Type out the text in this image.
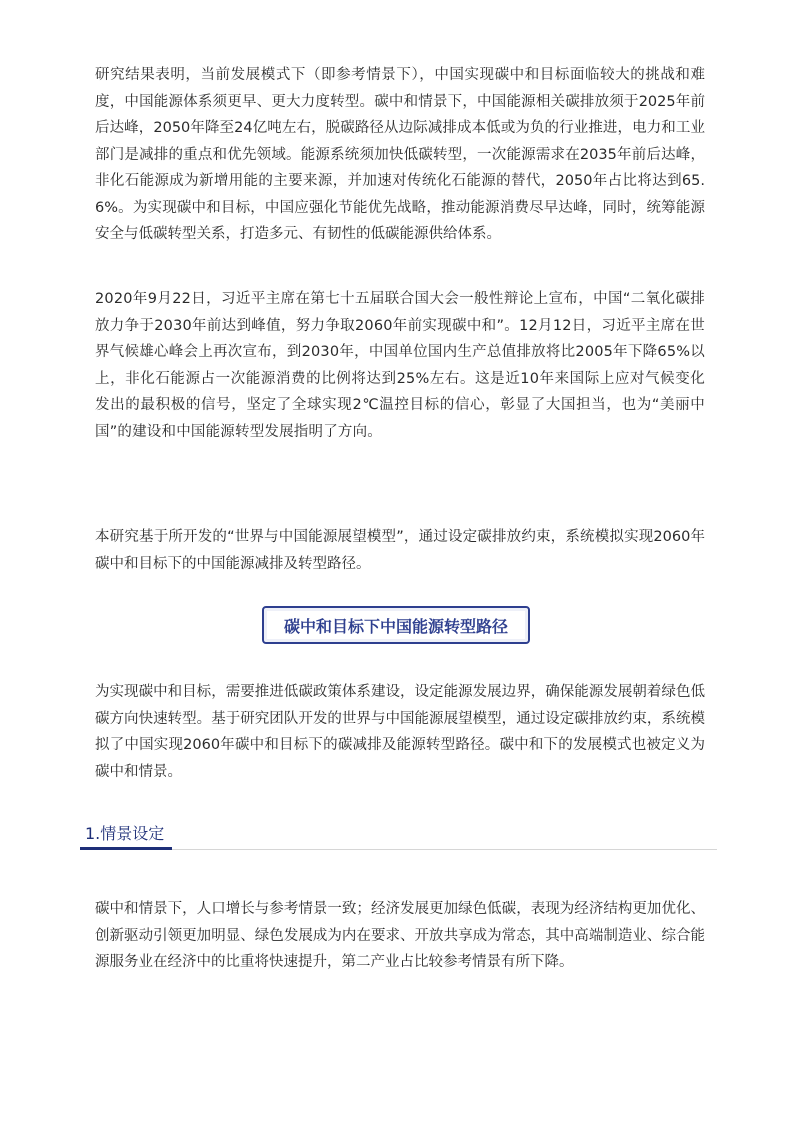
研究结果表明，当前发展模式下（即参考情景下），中国实现碳中和目标面临较大的挑战和难度，中国能源体系须更早、更大力度转型。碳中和情景下，中国能源相关碳排放须于2025年前后达峰，2050年降至24亿吨左右，脱碳路径从边际减排成本低或为负的行业推进，电力和工业部门是减排的重点和优先领域。能源系统须加快低碳转型，一次能源需求在2035年前后达峰，非化石能源成为新增用能的主要来源，并加速对传统化石能源的替代，2050年占比将达到65.6%。为实现碳中和目标，中国应强化节能优先战略，推动能源消费尽早达峰，同时，统筹能源安全与低碳转型关系，打造多元、有韧性的低碳能源供给体系。

2020年9月22日，习近平主席在第七十五届联合国大会一般性辩论上宣布，中国“二氧化碳排放力争于2030年前达到峰值，努力争取2060年前实现碳中和”。12月12日，习近平主席在世界气候雄心峰会上再次宣布，到2030年，中国单位国内生产总值排放将比2005年下降65%以上，非化石能源占一次能源消费的比例将达到25%左右。这是近10年来国际上应对气候变化发出的最积极的信号，坚定了全球实现2℃温控目标的信心，彰显了大国担当，也为“美丽中国”的建设和中国能源转型发展指明了方向。

本研究基于所开发的“世界与中国能源展望模型”，通过设定碳排放约束，系统模拟实现2060年碳中和目标下的中国能源减排及转型路径。

碳中和目标下中国能源转型路径

为实现碳中和目标，需要推进低碳政策体系建设，设定能源发展边界，确保能源发展朝着绿色低碳方向快速转型。基于研究团队开发的世界与中国能源展望模型，通过设定碳排放约束，系统模拟了中国实现2060年碳中和目标下的碳减排及能源转型路径。碳中和下的发展模式也被定义为碳中和情景。

1.情景设定

碳中和情景下，人口增长与参考情景一致；经济发展更加绿色低碳，表现为经济结构更加优化、创新驱动引领更加明显、绿色发展成为内在要求、开放共享成为常态，其中高端制造业、综合能源服务业在经济中的比重将快速提升，第二产业占比较参考情景有所下降。
